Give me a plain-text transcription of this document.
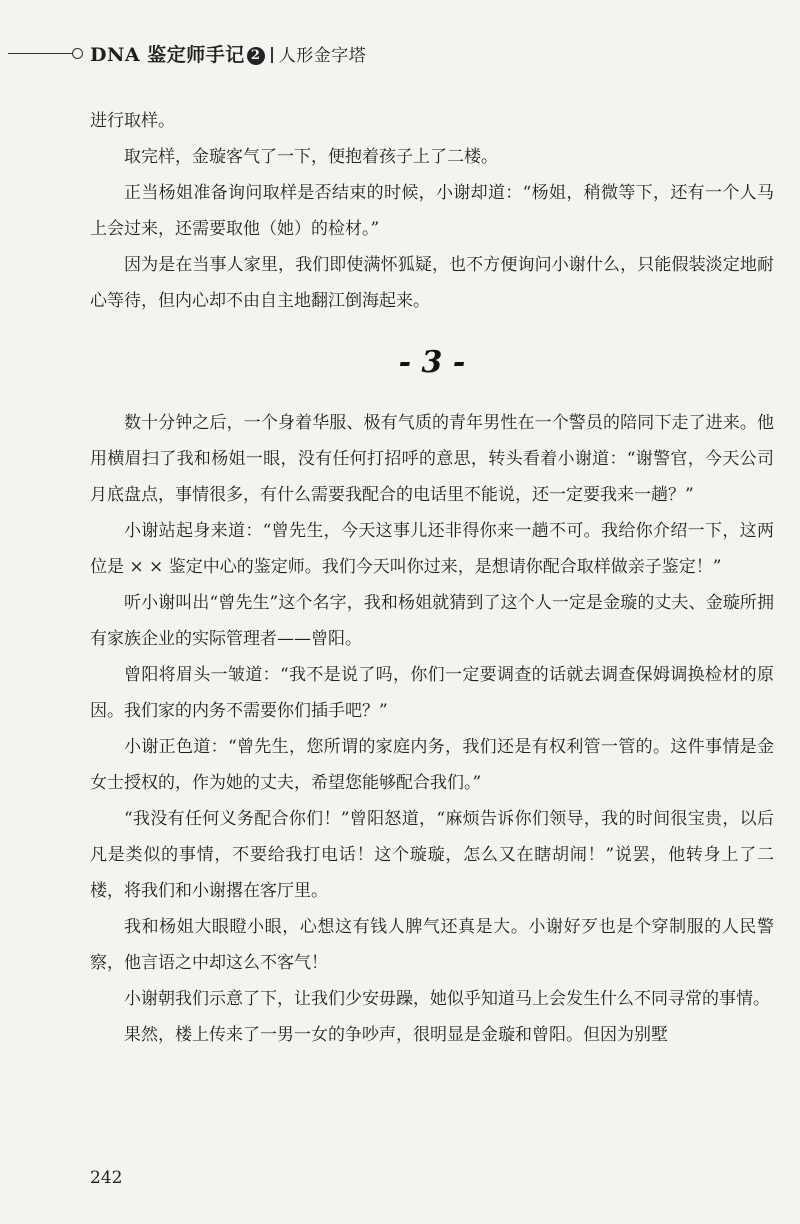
DNA 鉴定师手记 2 人形金字塔

进行取样。

取完样，金璇客气了一下，便抱着孩子上了二楼。

正当杨姐准备询问取样是否结束的时候，小谢却道：“杨姐，稍微等下，还有一个人马上会过来，还需要取他（她）的检材。”

因为是在当事人家里，我们即使满怀狐疑，也不方便询问小谢什么，只能假装淡定地耐心等待，但内心却不由自主地翻江倒海起来。

- 3 -

数十分钟之后，一个身着华服、极有气质的青年男性在一个警员的陪同下走了进来。他用横眉扫了我和杨姐一眼，没有任何打招呼的意思，转头看着小谢道：“谢警官，今天公司月底盘点，事情很多，有什么需要我配合的电话里不能说，还一定要我来一趟？”

小谢站起身来道：“曾先生，今天这事儿还非得你来一趟不可。我给你介绍一下，这两位是 × × 鉴定中心的鉴定师。我们今天叫你过来，是想请你配合取样做亲子鉴定！”

听小谢叫出“曾先生”这个名字，我和杨姐就猜到了这个人一定是金璇的丈夫、金璇所拥有家族企业的实际管理者——曾阳。

曾阳将眉头一皱道：“我不是说了吗，你们一定要调查的话就去调查保姆调换检材的原因。我们家的内务不需要你们插手吧？”

小谢正色道：“曾先生，您所谓的家庭内务，我们还是有权利管一管的。这件事情是金女士授权的，作为她的丈夫，希望您能够配合我们。”

“我没有任何义务配合你们！”曾阳怒道，“麻烦告诉你们领导，我的时间很宝贵，以后凡是类似的事情，不要给我打电话！这个璇璇，怎么又在瞎胡闹！”说罢，他转身上了二楼，将我们和小谢撂在客厅里。

我和杨姐大眼瞪小眼，心想这有钱人脾气还真是大。小谢好歹也是个穿制服的人民警察，他言语之中却这么不客气！

小谢朝我们示意了下，让我们少安毋躁，她似乎知道马上会发生什么不同寻常的事情。

果然，楼上传来了一男一女的争吵声，很明显是金璇和曾阳。但因为别墅

242
